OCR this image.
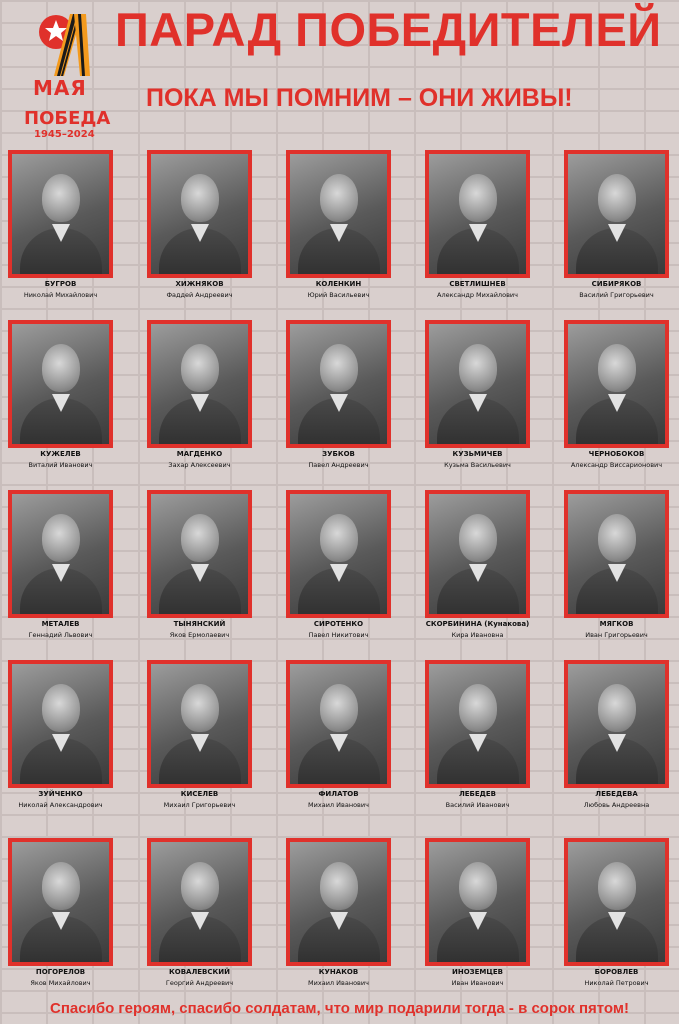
МАЯ
ПОБЕДА
1945–2024
ПАРАД ПОБЕДИТЕЛЕЙ
ПОКА МЫ ПОМНИМ – ОНИ ЖИВЫ!
БУГРОВ
Николай Михайлович
ХИЖНЯКОВ
Фаддей Андреевич
КОЛЕНКИН
Юрий Васильевич
СВЕТЛИШНЕВ
Александр Михайлович
СИБИРЯКОВ
Василий Григорьевич
КУЖЕЛЕВ
Виталий Иванович
МАГДЕНКО
Захар Алексеевич
ЗУБКОВ
Павел Андреевич
КУЗЬМИЧЕВ
Кузьма Васильевич
ЧЕРНОБОКОВ
Александр Виссарионович
МЕТАЛЕВ
Геннадий Львович
ТЫНЯНСКИЙ
Яков Ермолаевич
СИРОТЕНКО
Павел Никитович
СКОРБИНИНА (Кунакова)
Кира Ивановна
МЯГКОВ
Иван Григорьевич
ЗУЙЧЕНКО
Николай Александрович
КИСЕЛЕВ
Михаил Григорьевич
ФИЛАТОВ
Михаил Иванович
ЛЕБЕДЕВ
Василий Иванович
ЛЕБЕДЕВА
Любовь Андреевна
ПОГОРЕЛОВ
Яков Михайлович
КОВАЛЕВСКИЙ
Георгий Андреевич
КУНАКОВ
Михаил Иванович
ИНОЗЕМЦЕВ
Иван Иванович
БОРОВЛЕВ
Николай Петрович
Спасибо героям, спасибо солдатам, что мир подарили тогда - в сорок пятом!
